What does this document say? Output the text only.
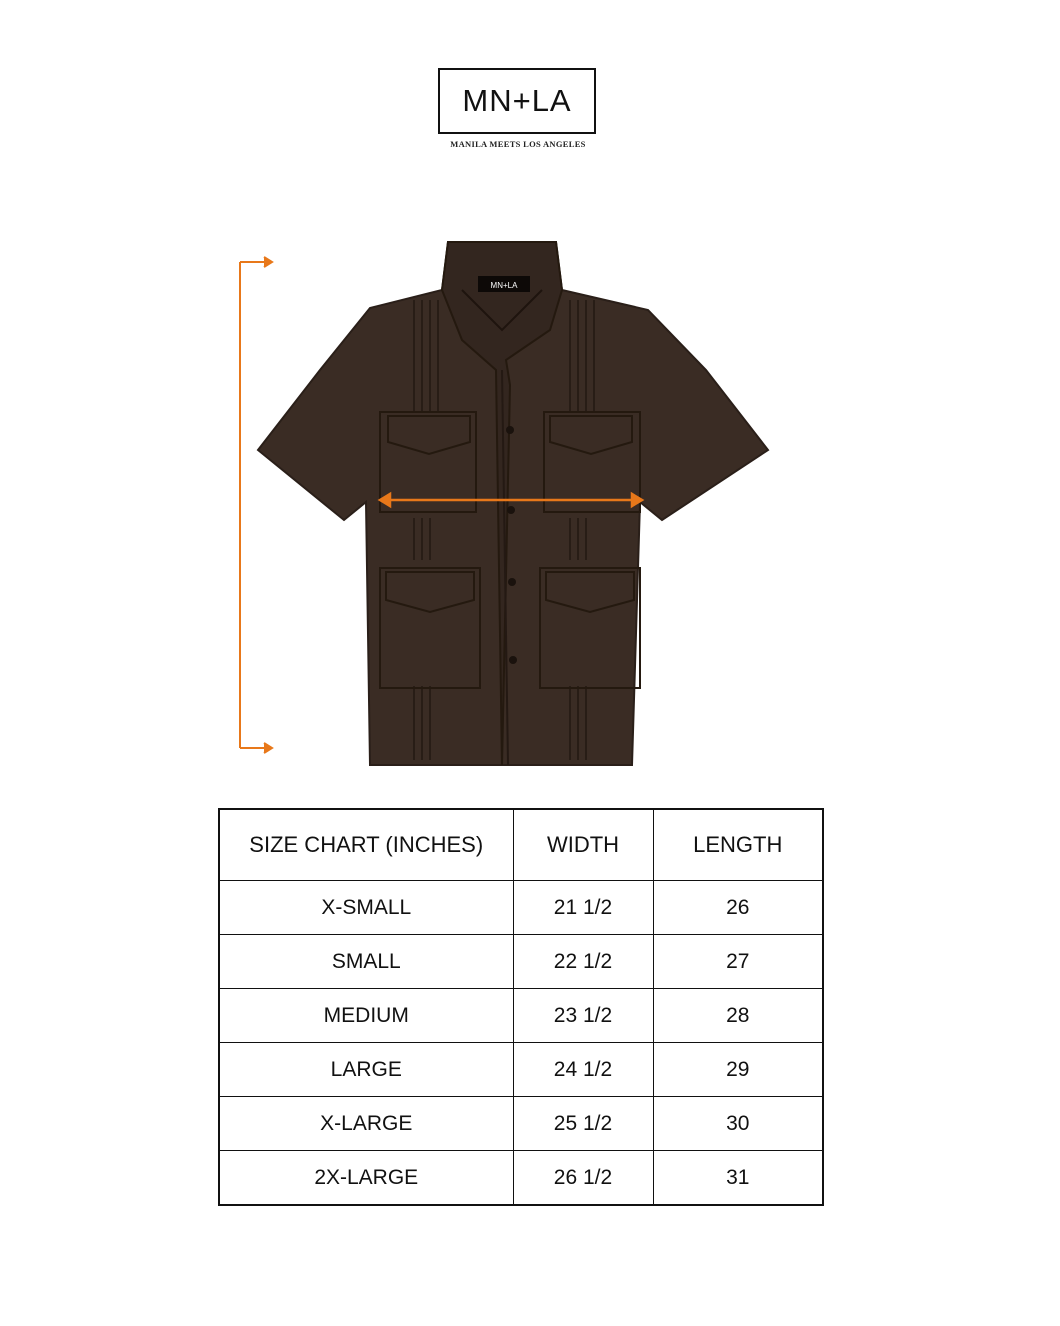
MN+LA
MANILA MEETS LOS ANGELES
MN+LA
SIZE CHART (INCHES)	WIDTH	LENGTH
X-SMALL	21 1/2	26
SMALL	22 1/2	27
MEDIUM	23 1/2	28
LARGE	24 1/2	29
X-LARGE	25 1/2	30
2X-LARGE	26 1/2	31
